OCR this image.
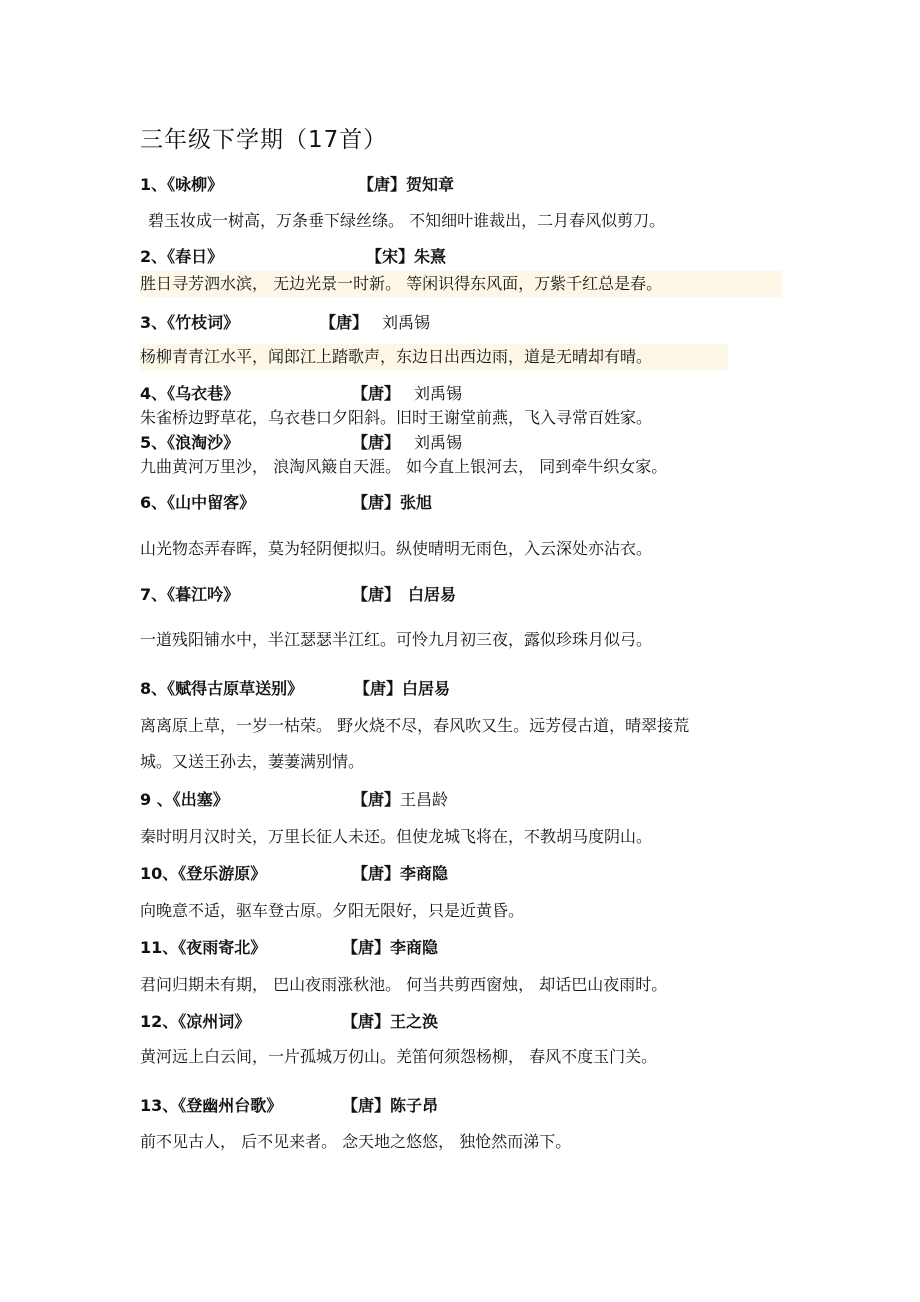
三年级下学期（17首）
1、《咏柳》	【唐】贺知章
碧玉妆成一树高，万条垂下绿丝绦。 不知细叶谁裁出，二月春风似剪刀。
2、《春日》	【宋】朱熹
胜日寻芳泗水滨， 无边光景一时新。 等闲识得东风面，万紫千红总是春。
3、《竹枝词》	【唐】 刘禹锡
杨柳青青江水平，闻郎江上踏歌声，东边日出西边雨，道是无晴却有晴。
4、《乌衣巷》	【唐】 刘禹锡
朱雀桥边野草花，乌衣巷口夕阳斜。旧时王谢堂前燕，飞入寻常百姓家。
5、《浪淘沙》	【唐】 刘禹锡
九曲黄河万里沙， 浪淘风簸自天涯。 如今直上银河去， 同到牵牛织女家。
6、《山中留客》	【唐】张旭
山光物态弄春晖，莫为轻阴便拟归。纵使晴明无雨色，入云深处亦沾衣。
7、《暮江吟》	【唐】 白居易
一道残阳铺水中，半江瑟瑟半江红。可怜九月初三夜，露似珍珠月似弓。
8、《赋得古原草送别》	【唐】白居易
离离原上草，一岁一枯荣。 野火烧不尽，春风吹又生。远芳侵古道，晴翠接荒
城。又送王孙去，萋萋满别情。
9 、《出塞》	【唐】王昌龄
秦时明月汉时关，万里长征人未还。但使龙城飞将在，不教胡马度阴山。
10、《登乐游原》	【唐】李商隐
向晚意不适，驱车登古原。夕阳无限好，只是近黄昏。
11、《夜雨寄北》	【唐】李商隐
君问归期未有期， 巴山夜雨涨秋池。 何当共剪西窗烛， 却话巴山夜雨时。
12、《凉州词》	【唐】王之涣
黄河远上白云间，一片孤城万仞山。羌笛何须怨杨柳， 春风不度玉门关。
13、《登幽州台歌》	【唐】陈子昂
前不见古人， 后不见来者。 念天地之悠悠， 独怆然而涕下。
